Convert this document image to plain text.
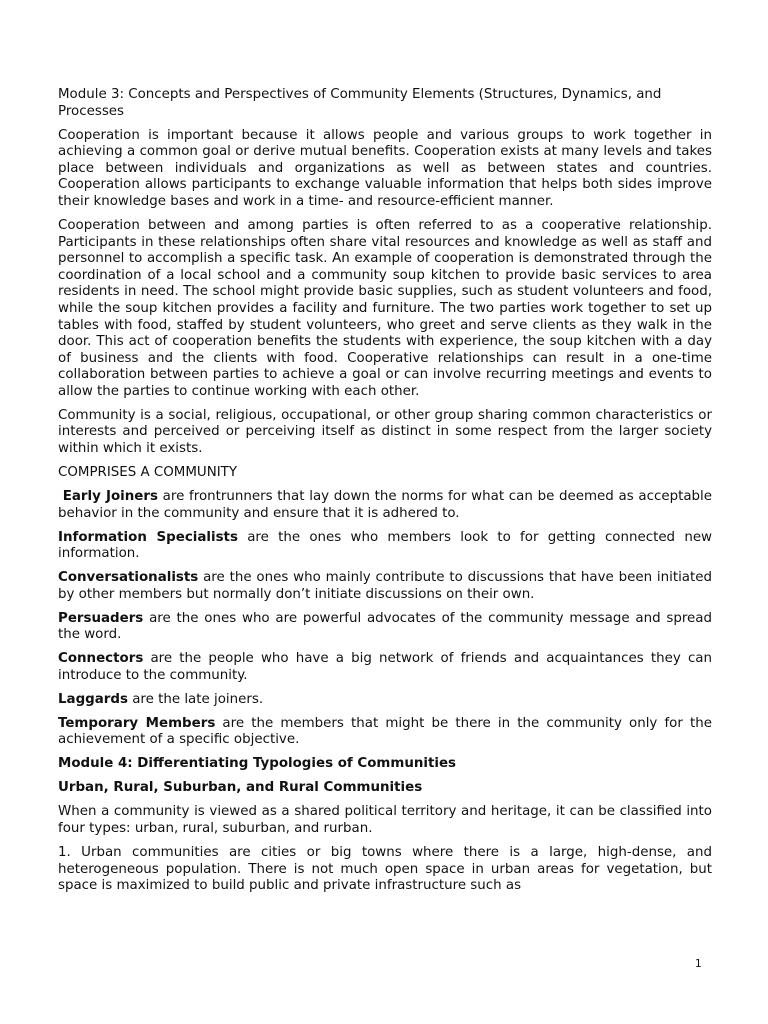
Module 3: Concepts and Perspectives of Community Elements (Structures, Dynamics, and Processes

Cooperation is important because it allows people and various groups to work together in achieving a common goal or derive mutual benefits. Cooperation exists at many levels and takes place between individuals and organizations as well as between states and countries. Cooperation allows participants to exchange valuable information that helps both sides improve their knowledge bases and work in a time- and resource-efficient manner.

Cooperation between and among parties is often referred to as a cooperative relationship. Participants in these relationships often share vital resources and knowledge as well as staff and personnel to accomplish a specific task. An example of cooperation is demonstrated through the coordination of a local school and a community soup kitchen to provide basic services to area residents in need. The school might provide basic supplies, such as student volunteers and food, while the soup kitchen provides a facility and furniture. The two parties work together to set up tables with food, staffed by student volunteers, who greet and serve clients as they walk in the door. This act of cooperation benefits the students with experience, the soup kitchen with a day of business and the clients with food. Cooperative relationships can result in a one-time collaboration between parties to achieve a goal or can involve recurring meetings and events to allow the parties to continue working with each other.

Community is a social, religious, occupational, or other group sharing common characteristics or interests and perceived or perceiving itself as distinct in some respect from the larger society within which it exists.

COMPRISES A COMMUNITY

Early Joiners are frontrunners that lay down the norms for what can be deemed as acceptable behavior in the community and ensure that it is adhered to.

Information Specialists are the ones who members look to for getting connected new information.

Conversationalists are the ones who mainly contribute to discussions that have been initiated by other members but normally don’t initiate discussions on their own.

Persuaders are the ones who are powerful advocates of the community message and spread the word.

Connectors are the people who have a big network of friends and acquaintances they can introduce to the community.

Laggards are the late joiners.

Temporary Members are the members that might be there in the community only for the achievement of a specific objective.

Module 4: Differentiating Typologies of Communities

Urban, Rural, Suburban, and Rural Communities

When a community is viewed as a shared political territory and heritage, it can be classified into four types: urban, rural, suburban, and rurban.

1. Urban communities are cities or big towns where there is a large, high-dense, and heterogeneous population. There is not much open space in urban areas for vegetation, but space is maximized to build public and private infrastructure such as

1
